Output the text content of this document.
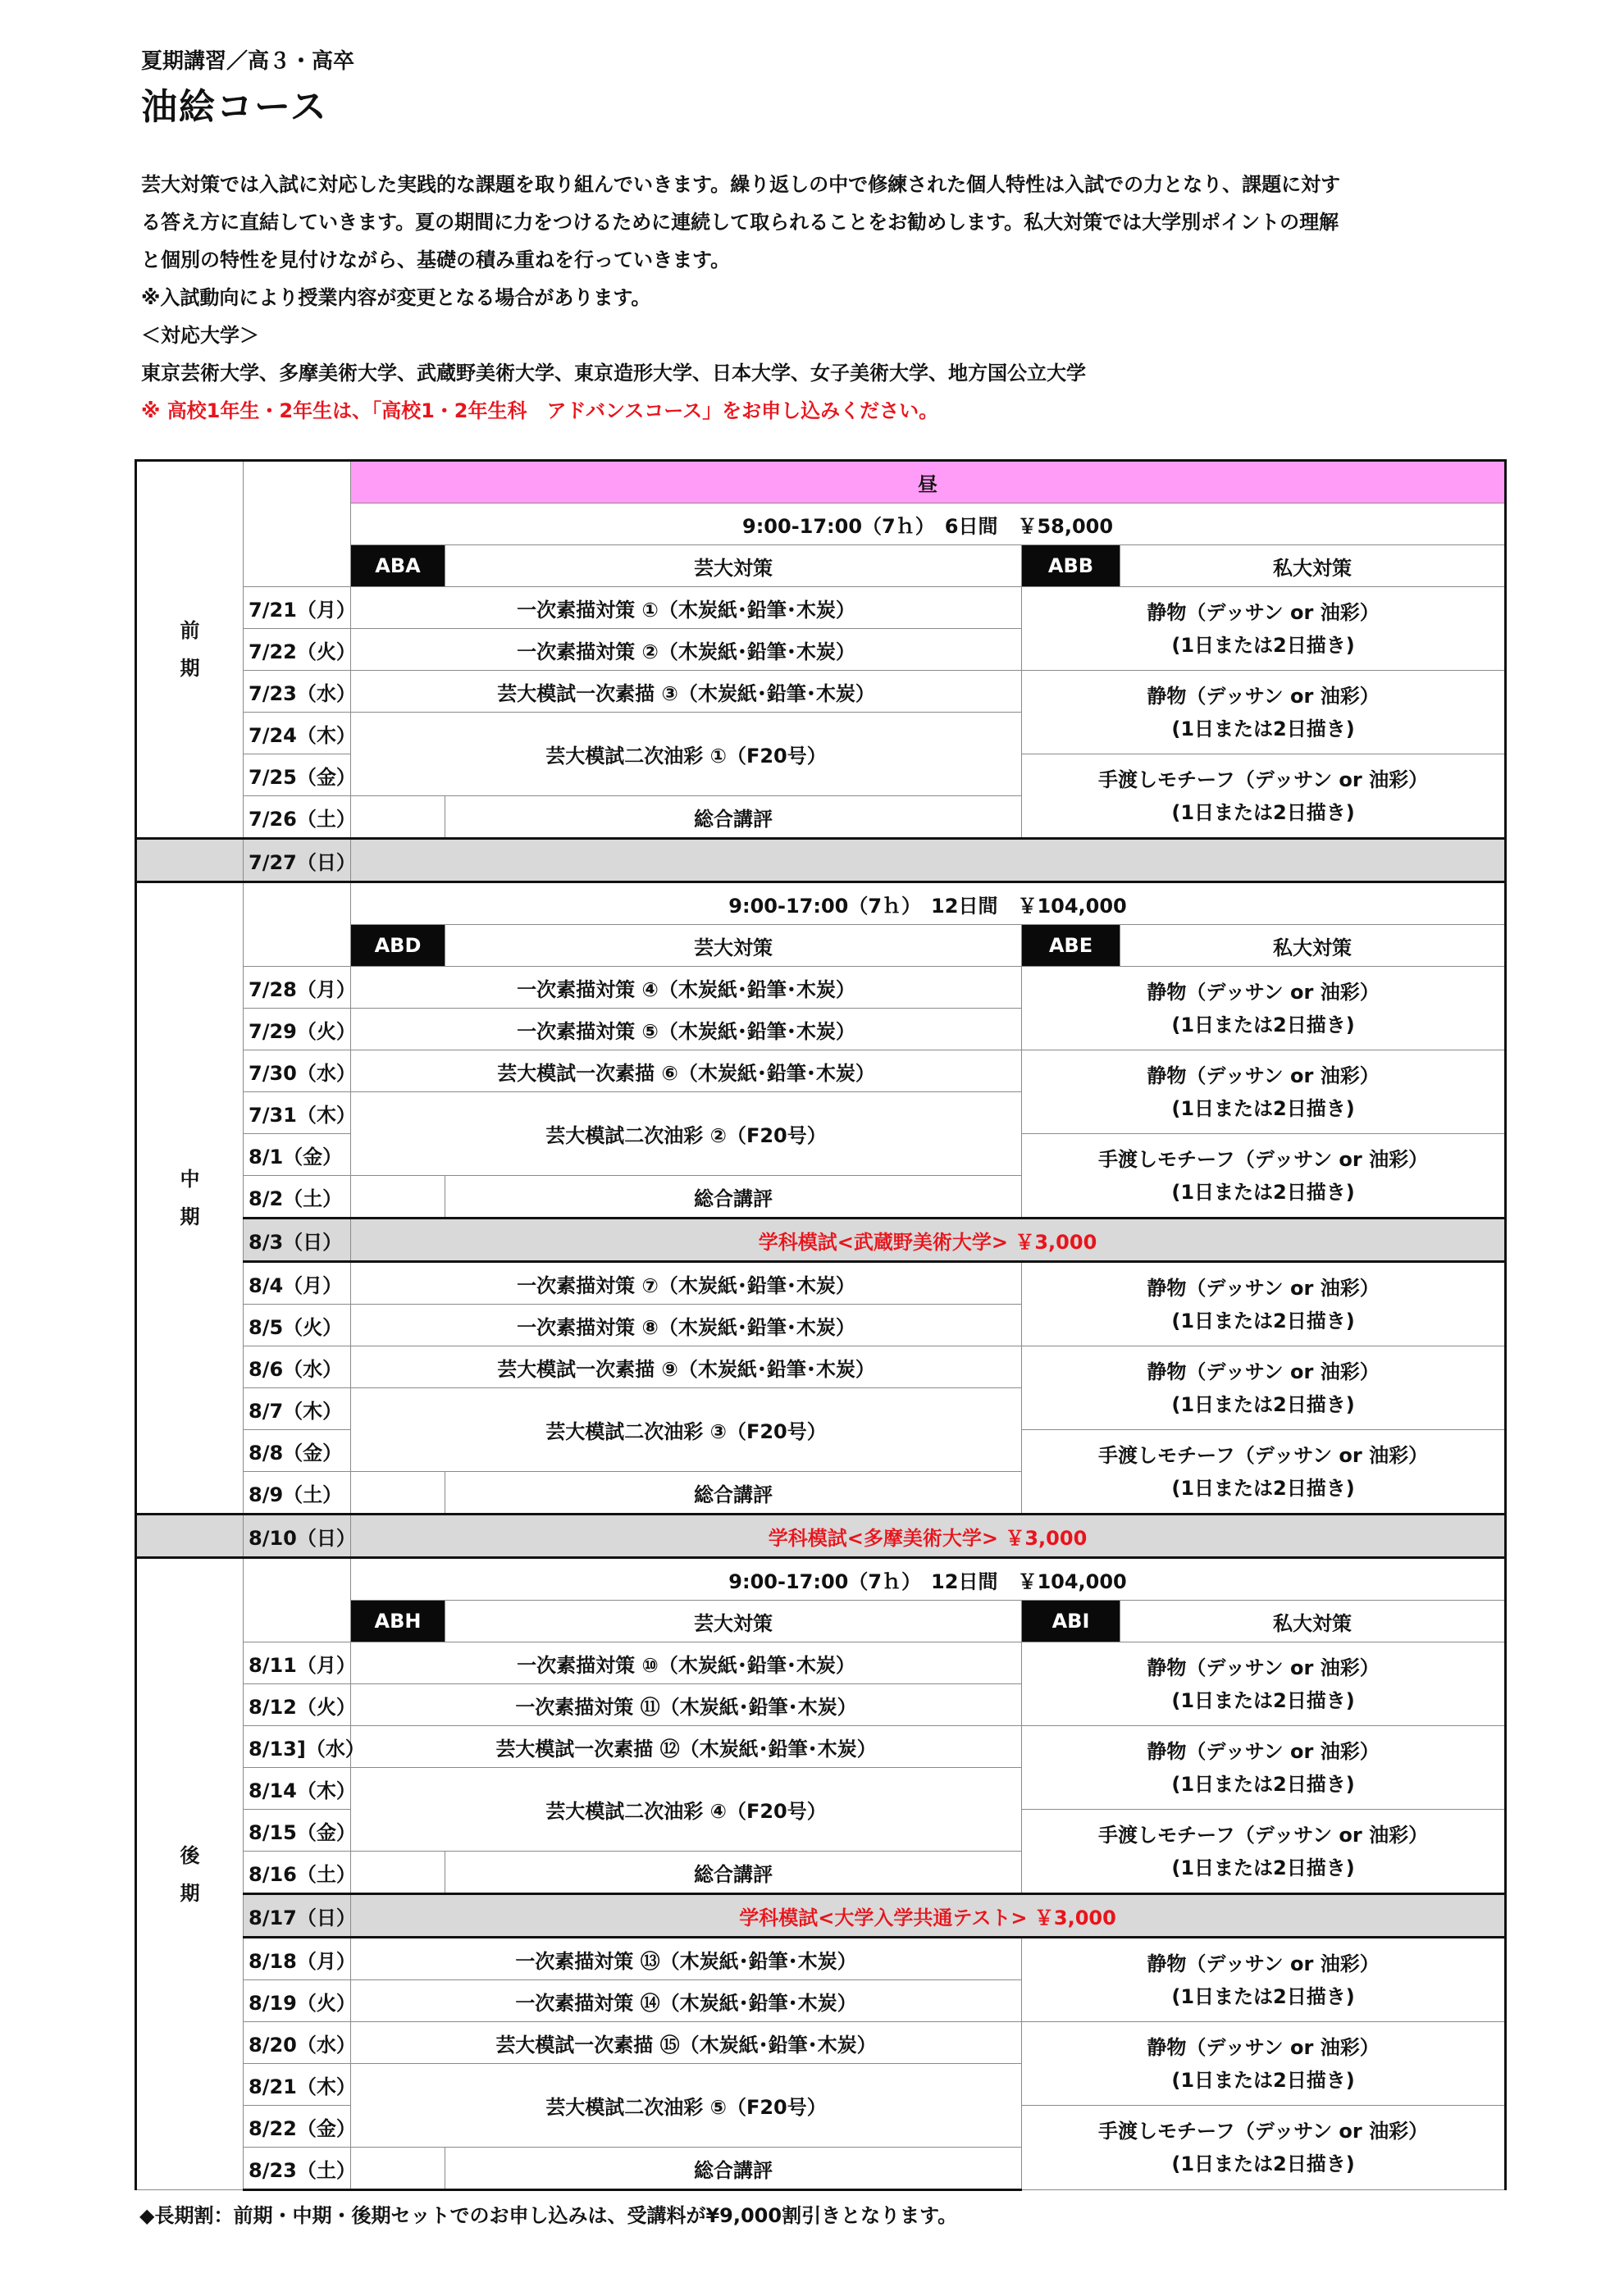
夏期講習／高３・高卒
油絵コース
芸大対策では入試に対応した実践的な課題を取り組んでいきます。繰り返しの中で修練された個人特性は入試での力となり、課題に対す
る答え方に直結していきます。夏の期間に力をつけるために連続して取られることをお勧めします。私大対策では大学別ポイントの理解
と個別の特性を見付けながら、基礎の積み重ねを行っていきます。
※入試動向により授業内容が変更となる場合があります。
＜対応大学＞
東京芸術大学、多摩美術大学、武蔵野美術大学、東京造形大学、日本大学、女子美術大学、地方国公立大学
※ 高校1年生・2年生は、「高校1・2年生科　アドバンスコース」をお申し込みください。
前
期		昼			
		9:00-17:00（7ｈ）　6日間　￥58,000			
		ABA	芸大対策	ABB	私大対策
	7/21（月）	一次素描対策 ①（木炭紙･鉛筆･木炭）		静物（デッサン or 油彩）
(1日または2日描き)	
	7/22（火）	一次素描対策 ②（木炭紙･鉛筆･木炭）			
	7/23（水）	芸大模試一次素描 ③（木炭紙･鉛筆･木炭）		静物（デッサン or 油彩）
(1日または2日描き)	
	7/24（木）	芸大模試二次油彩 ①（F20号）			
	7/25（金）			手渡しモチーフ（デッサン or 油彩）
(1日または2日描き)	
	7/26（土）		総合講評		
	7/27（日）				

中
期		9:00-17:00（7ｈ）　12日間　￥104,000			
		ABD	芸大対策	ABE	私大対策
	7/28（月）	一次素描対策 ④（木炭紙･鉛筆･木炭）		静物（デッサン or 油彩）
(1日または2日描き)	
	7/29（火）	一次素描対策 ⑤（木炭紙･鉛筆･木炭）			
	7/30（水）	芸大模試一次素描 ⑥（木炭紙･鉛筆･木炭）		静物（デッサン or 油彩）
(1日または2日描き)	
	7/31（木）	芸大模試二次油彩 ②（F20号）			
	8/1（金）			手渡しモチーフ（デッサン or 油彩）
(1日または2日描き)	
	8/2（土）		総合講評		
	8/3（日）	学科模試<武蔵野美術大学> ￥3,000			
	8/4（月）	一次素描対策 ⑦（木炭紙･鉛筆･木炭）		静物（デッサン or 油彩）
(1日または2日描き)	
	8/5（火）	一次素描対策 ⑧（木炭紙･鉛筆･木炭）			
	8/6（水）	芸大模試一次素描 ⑨（木炭紙･鉛筆･木炭）		静物（デッサン or 油彩）
(1日または2日描き)	
	8/7（木）	芸大模試二次油彩 ③（F20号）			
	8/8（金）			手渡しモチーフ（デッサン or 油彩）
(1日または2日描き)	
	8/9（土）		総合講評		
	8/10（日）	学科模試<多摩美術大学> ￥3,000			

後
期		9:00-17:00（7ｈ）　12日間　￥104,000			
		ABH	芸大対策	ABI	私大対策
	8/11（月）	一次素描対策 ⑩（木炭紙･鉛筆･木炭）		静物（デッサン or 油彩）
(1日または2日描き)	
	8/12（火）	一次素描対策 ⑪（木炭紙･鉛筆･木炭）			
	8/13]（水）	芸大模試一次素描 ⑫（木炭紙･鉛筆･木炭）		静物（デッサン or 油彩）
(1日または2日描き)	
	8/14（木）	芸大模試二次油彩 ④（F20号）			
	8/15（金）			手渡しモチーフ（デッサン or 油彩）
(1日または2日描き)	
	8/16（土）		総合講評		
	8/17（日）	学科模試<大学入学共通テスト> ￥3,000			
	8/18（月）	一次素描対策 ⑬（木炭紙･鉛筆･木炭）		静物（デッサン or 油彩）
(1日または2日描き)	
	8/19（火）	一次素描対策 ⑭（木炭紙･鉛筆･木炭）			
	8/20（水）	芸大模試一次素描 ⑮（木炭紙･鉛筆･木炭）		静物（デッサン or 油彩）
(1日または2日描き)	
	8/21（木）	芸大模試二次油彩 ⑤（F20号）			
	8/22（金）			手渡しモチーフ（デッサン or 油彩）
(1日または2日描き)	
	8/23（土）		総合講評		
◆長期割：前期・中期・後期セットでのお申し込みは、受講料が¥9,000割引きとなります。
